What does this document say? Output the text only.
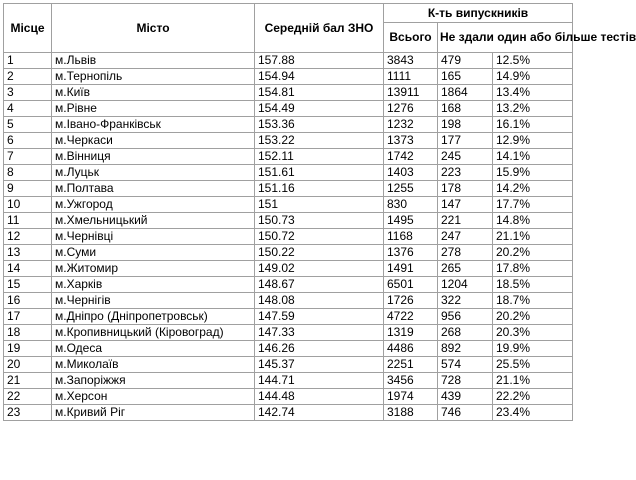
Місце	Місто	Середній бал ЗНО	К-ть випускників		
			Всього	Не здали один або більше тестів	
1	м.Львів	157.88	3843	479	12.5%
2	м.Тернопіль	154.94	1111	165	14.9%
3	м.Київ	154.81	13911	1864	13.4%
4	м.Рівне	154.49	1276	168	13.2%
5	м.Івано-Франківськ	153.36	1232	198	16.1%
6	м.Черкаси	153.22	1373	177	12.9%
7	м.Вінниця	152.11	1742	245	14.1%
8	м.Луцьк	151.61	1403	223	15.9%
9	м.Полтава	151.16	1255	178	14.2%
10	м.Ужгород	151	830	147	17.7%
11	м.Хмельницький	150.73	1495	221	14.8%
12	м.Чернівці	150.72	1168	247	21.1%
13	м.Суми	150.22	1376	278	20.2%
14	м.Житомир	149.02	1491	265	17.8%
15	м.Харків	148.67	6501	1204	18.5%
16	м.Чернігів	148.08	1726	322	18.7%
17	м.Дніпро (Дніпропетровськ)	147.59	4722	956	20.2%
18	м.Кропивницький (Кіровоград)	147.33	1319	268	20.3%
19	м.Одеса	146.26	4486	892	19.9%
20	м.Миколаїв	145.37	2251	574	25.5%
21	м.Запоріжжя	144.71	3456	728	21.1%
22	м.Херсон	144.48	1974	439	22.2%
23	м.Кривий Ріг	142.74	3188	746	23.4%
